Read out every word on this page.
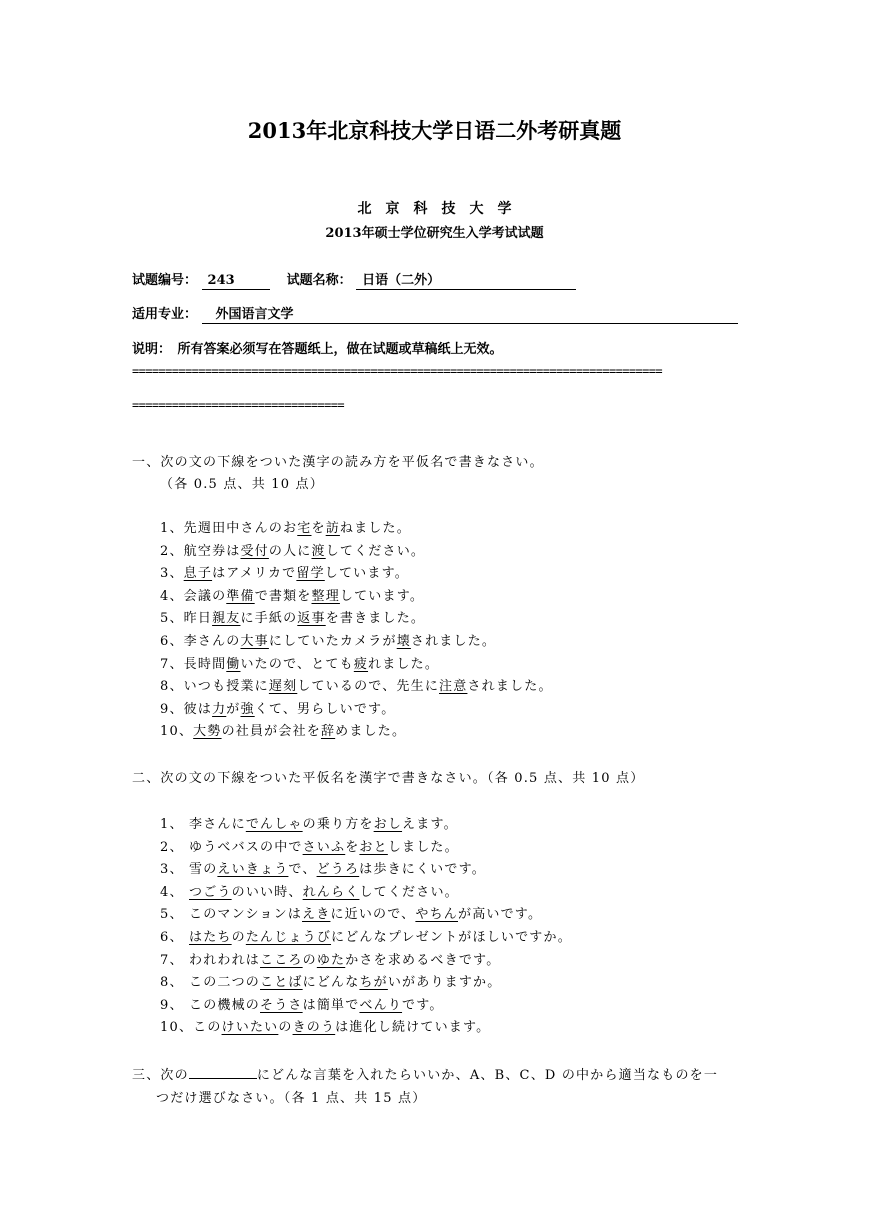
2013年北京科技大学日语二外考研真题
北京科技大学
2013年硕士学位研究生入学考试试题
试题编号： 243	试题名称： 日语（二外）
适用专业： 外国语言文学
说明：　所有答案必须写在答题纸上，做在试题或草稿纸上无效。
================================================================================
================================
一、次の文の下線をついた漢字の読み方を平仮名で書きなさい。
（各 0.5 点、共 10 点）
1、先週田中さんのお宅を訪ねました。
2、航空券は受付の人に渡してください。
3、息子はアメリカで留学しています。
4、会議の準備で書類を整理しています。
5、昨日親友に手紙の返事を書きました。
6、李さんの大事にしていたカメラが壊されました。
7、長時間働いたので、とても疲れました。
8、いつも授業に遅刻しているので、先生に注意されました。
9、彼は力が強くて、男らしいです。
10、大勢の社員が会社を辞めました。
二、次の文の下線をついた平仮名を漢字で書きなさい。（各 0.5 点、共 10 点）
1、 李さんにでんしゃの乗り方をおしえます。
2、 ゆうべバスの中でさいふをおとしました。
3、 雪のえいきょうで、どうろは歩きにくいです。
4、 つごうのいい時、れんらくしてください。
5、 このマンションはえきに近いので、やちんが高いです。
6、 はたちのたんじょうびにどんなプレゼントがほしいですか。
7、 われわれはこころのゆたかさを求めるべきです。
8、 この二つのことばにどんなちがいがありますか。
9、 この機械のそうさは簡単でべんりです。
10、このけいたいのきのうは進化し続けています。
三、次の	にどんな言葉を入れたらいいか、A、B、C、D の中から適当なものを一
つだけ選びなさい。（各 1 点、共 15 点）
